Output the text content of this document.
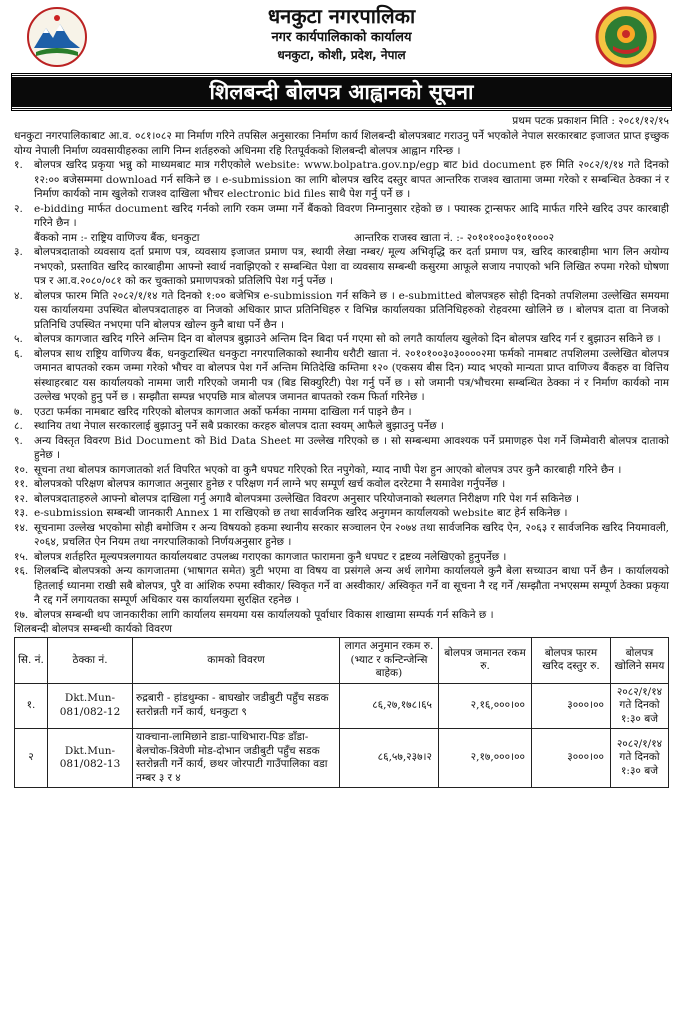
धनकुटा नगरपालिका
नगर कार्यपालिकाको कार्यालय
धनकुटा, कोशी, प्रदेश, नेपाल
शिलबन्दी बोलपत्र आह्वानको सूचना
प्रथम पटक प्रकाशन मिति : २०८१/१२/१५
धनकुटा नगरपालिकाबाट आ.व. ०८१।०८२ मा निर्माण गरिने तपसिल अनुसारका निर्माण कार्य शिलबन्दी बोलपत्रबाट गराउनु पर्ने भएकोले नेपाल सरकारबाट इजाजत प्राप्त इच्छुक योग्य नेपाली निर्माण व्यवसायीहरुका लागि निम्न शर्तहरुको अधिनमा रहि रितपूर्वकको शिलबन्दी बोलपत्र आह्वान गरिन्छ ।
१. बोलपत्र खरिद प्रकृया भन्नु को माध्यमबाट मात्र गरीएकोले website: www.bolpatra.gov.np/egp बाट bid document हरु मिति २०८२/१/१४ गते दिनको १२:०० बजेसम्ममा download गर्न सकिने छ । e-submission का लागि बोलपत्र खरिद दस्तुर बापत आन्तरिक राजश्व खातामा जम्मा गरेको र सम्बन्धित ठेक्का नं र निर्माण कार्यको नाम खुलेको राजश्व दाखिला भौचर electronic bid files साथै पेश गर्नु पर्ने छ ।
२. e-bidding मार्फत document खरिद गर्नको लागि रकम जम्मा गर्ने बैंकको विवरण निम्नानुसार रहेको छ । फ्यास्क ट्रान्सफर आदि मार्फत गरिने खरिद उपर कारबाही गरिने छैन ।
बैंकको नाम :- राष्ट्रिय वाणिज्य बैंक, धनकुटा	आन्तरिक राजस्व खाता नं. :- २०१०१००३०१०१०००२
३. बोलपत्रदाताको व्यवसाय दर्ता प्रमाण पत्र, व्यवसाय इजाजत प्रमाण पत्र, स्थायी लेखा नम्बर/ मूल्य अभिवृद्धि कर दर्ता प्रमाण पत्र, खरिद कारबाहीमा भाग लिन अयोग्य नभएको, प्रस्तावित खरिद कारबाहीमा आफ्नो स्वार्थ नवाझिएको र सम्बन्धित पेशा वा व्यवसाय सम्बन्धी कसुरमा आफूले सजाय नपाएको भनि लिखित रुपमा गरेको घोषणा पत्र र आ.व.२०८०/०८१ को कर चुक्ताको प्रमाणपत्रको प्रतिलिपि पेश गर्नु पर्नेछ ।
४. बोलपत्र फारम मिति २०८२/१/१४ गते दिनको १:०० बजेभित्र e-submission गर्न सकिने छ । e-submitted बोलपत्रहरु सोही दिनको तपशिलमा उल्लेखित समयमा यस कार्यालयमा उपस्थित बोलपत्रदाताहरु वा निजको अधिकार प्राप्त प्रतिनिधिहरु र विभिन्न कार्यालयका प्रतिनिधिहरुको रोहवरमा खोलिने छ । बोलपत्र दाता वा निजको प्रतिनिधि उपस्थित नभएमा पनि बोलपत्र खोल्न कुनै बाधा पर्ने छैन ।
५. बोलपत्र कागजात खरिद गरिने अन्तिम दिन वा बोलपत्र बुझाउने अन्तिम दिन बिदा पर्न गएमा सो को लगतै कार्यालय खुलेको दिन बोलपत्र खरिद गर्न र बुझाउन सकिने छ ।
६. बोलपत्र साथ राष्ट्रिय वाणिज्य बैंक, धनकुटास्थित धनकुटा नगरपालिकाको स्थानीय धरौटी खाता नं. २०१०१००३०३००००२मा फर्मको नामबाट तपशिलमा उल्लेखित बोलपत्र जमानत बापतको रकम जम्मा गरेको भौचर वा बोलपत्र पेश गर्ने अन्तिम मितिदेखि कम्तिमा १२० (एकसय बीस दिन) म्याद भएको मान्यता प्राप्त वाणिज्य बैंकहरु वा वित्तिय संस्थाहरबाट यस कार्यालयको नाममा जारी गरिएको जमानी पत्र (बिड सिक्युरिटी) पेश गर्नु पर्ने छ । सो जमानी पत्र/भौचरमा सम्बन्धित ठेक्का नं र निर्माण कार्यको नाम उल्लेख भएको हुनु पर्ने छ । सम्झौता सम्पन्न भएपछि मात्र बोलपत्र जमानत बापतको रकम फिर्ता गरिनेछ ।
७. एउटा फर्मका नामबाट खरिद गरिएको बोलपत्र कागजात अर्को फर्मका नाममा दाखिला गर्न पाइने छैन ।
८. स्थानिय तथा नेपाल सरकारलाई बुझाउनु पर्ने सबै प्रकारका करहरु बोलपत्र दाता स्वयम् आफैले बुझाउनु पर्नेछ ।
९. अन्य विस्तृत विवरण Bid Document को Bid Data Sheet मा उल्लेख गरिएको छ । सो सम्बन्धमा आवश्यक पर्ने प्रमाणहरु पेश गर्ने जिम्मेवारी बोलपत्र दाताको हुनेछ ।
१०. सूचना तथा बोलपत्र कागजातको शर्त विपरित भएको वा कुनै धपघट गरिएको रित नपुगेको, म्याद नाघी पेश हुन आएको बोलपत्र उपर कुनै कारबाही गरिने छैन ।
११. बोलपत्रको परिक्षण बोलपत्र कागजात अनुसार हुनेछ र परिक्षण गर्न लाग्ने भए सम्पूर्ण खर्च कवोल दररेटमा नै समावेश गर्नुपर्नेछ ।
१२. बोलपत्रदाताहरुले आफ्नो बोलपत्र दाखिला गर्नु अगावै बोलपत्रमा उल्लेखित विवरण अनुसार परियोजनाको स्थलगत निरीक्षण गरि पेश गर्न सकिनेछ ।
१३. e-submission सम्बन्धी जानकारी Annex 1 मा राखिएको छ तथा सार्वजनिक खरिद अनुगमन कार्यालयको website बाट हेर्न सकिनेछ ।
१४. सूचनामा उल्लेख भएकोमा सोही बमोजिम र अन्य विषयको हकमा स्थानीय सरकार सञ्चालन ऐन २०७४ तथा सार्वजनिक खरिद ऐन, २०६३ र सार्वजनिक खरिद नियमावली, २०६४, प्रचलित ऐन नियम तथा नगरपालिकाको निर्णयअनुसार हुनेछ ।
१५. बोलपत्र शर्तहरित मूल्यपत्रलगायत कार्यालयबाट उपलब्ध गराएका कागजात फारामना कुनै धपघट र द्रष्टव्य नलेखिएको हुनुपर्नेछ ।
१६. शिलबन्दि बोलपत्रको अन्य कागजातमा (भाषागत समेत) त्रुटी भएमा वा विषय वा प्रसंगले अन्य अर्थ लागेमा कार्यालयले कुनै बेला सच्याउन बाधा पर्ने छैन । कार्यालयको हितलाई ध्यानमा राखी सबै बोलपत्र, पुरै वा आंशिक रुपमा स्वीकार/ स्विकृत गर्ने वा अस्वीकार/ अस्विकृत गर्ने वा सूचना नै रद्द गर्ने /सम्झौता नभएसम्म सम्पूर्ण ठेक्का प्रकृया नै रद्द गर्ने लगायतका सम्पूर्ण अधिकार यस कार्यालयमा सुरक्षित रहनेछ ।
१७. बोलपत्र सम्बन्धी थप जानकारीका लागि कार्यालय समयमा यस कार्यालयको पूर्वाधार विकास शाखामा सम्पर्क गर्न सकिने छ ।
शिलबन्दी बोलपत्र सम्बन्धी कार्यको विवरण
सि. नं.	ठेक्का नं.	कामको विवरण	लागत अनुमान रकम रु. (भ्याट र कन्टिन्जेन्सि बाहेक)	बोलपत्र जमानत रकम रु.	बोलपत्र फारम खरिद दस्तुर रु.	बोलपत्र खोलिने समय
१.	Dkt.Mun-081/082-12	रुद्रबारी - हांडथुम्का - बाघखोर जडीबुटी पहुँच सडक स्तरोन्नती गर्ने कार्य, धनकुटा ९	८६,२७,१७८।६५	२,१६,०००।००	३०००।००	२०८२/१/१४ गते दिनको १:३० बजे
२	Dkt.Mun-081/082-13	याक्चाना-लामिछाने डाडा-पाथिभारा-पिङ डाँडा-बेलचोक-त्रिवेणी मोड-दोभान जडीबुटी पहुँच सडक स्तरोन्नती गर्ने कार्य, छथर जोरपाटी गाउँपालिका वडा नम्बर ३ र ४	८६,५७,२३७।२	२,१७,०००।००	३०००।००	२०८२/१/१४ गते दिनको १:३० बजे
